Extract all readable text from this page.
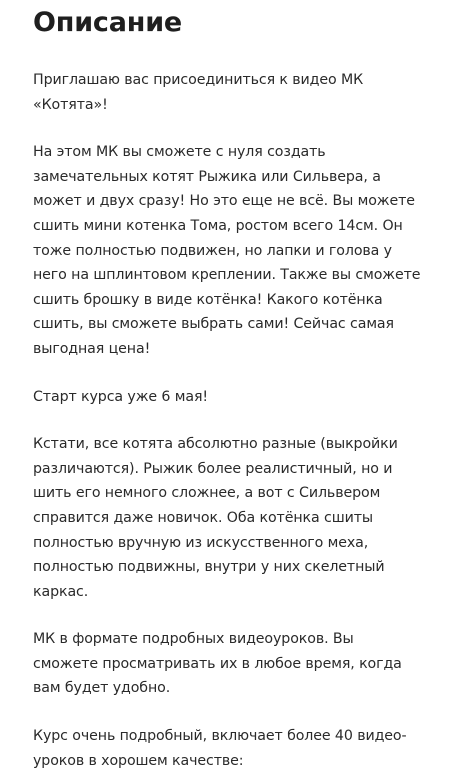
Описание

Приглашаю вас присоединиться к видео МК «Котята»!

На этом МК вы сможете с нуля создать замечательных котят Рыжика или Сильвера, а может и двух сразу! Но это еще не всё. Вы можете сшить мини котенка Тома, ростом всего 14см. Он тоже полностью подвижен, но лапки и голова у него на шплинтовом креплении. Также вы сможете сшить брошку в виде котёнка! Какого котёнка сшить, вы сможете выбрать сами! Сейчас самая выгодная цена!

Старт курса уже 6 мая!

Кстати, все котята абсолютно разные (выкройки различаются). Рыжик более реалистичный, но и шить его немного сложнее, а вот с Сильвером справится даже новичок. Оба котёнка сшиты полностью вручную из искусственного меха, полностью подвижны, внутри у них скелетный каркас.

МК в формате подробных видеоуроков. Вы сможете просматривать их в любое время, когда вам будет удобно.

Курс очень подробный, включает более 40 видео-уроков в хорошем качестве:
